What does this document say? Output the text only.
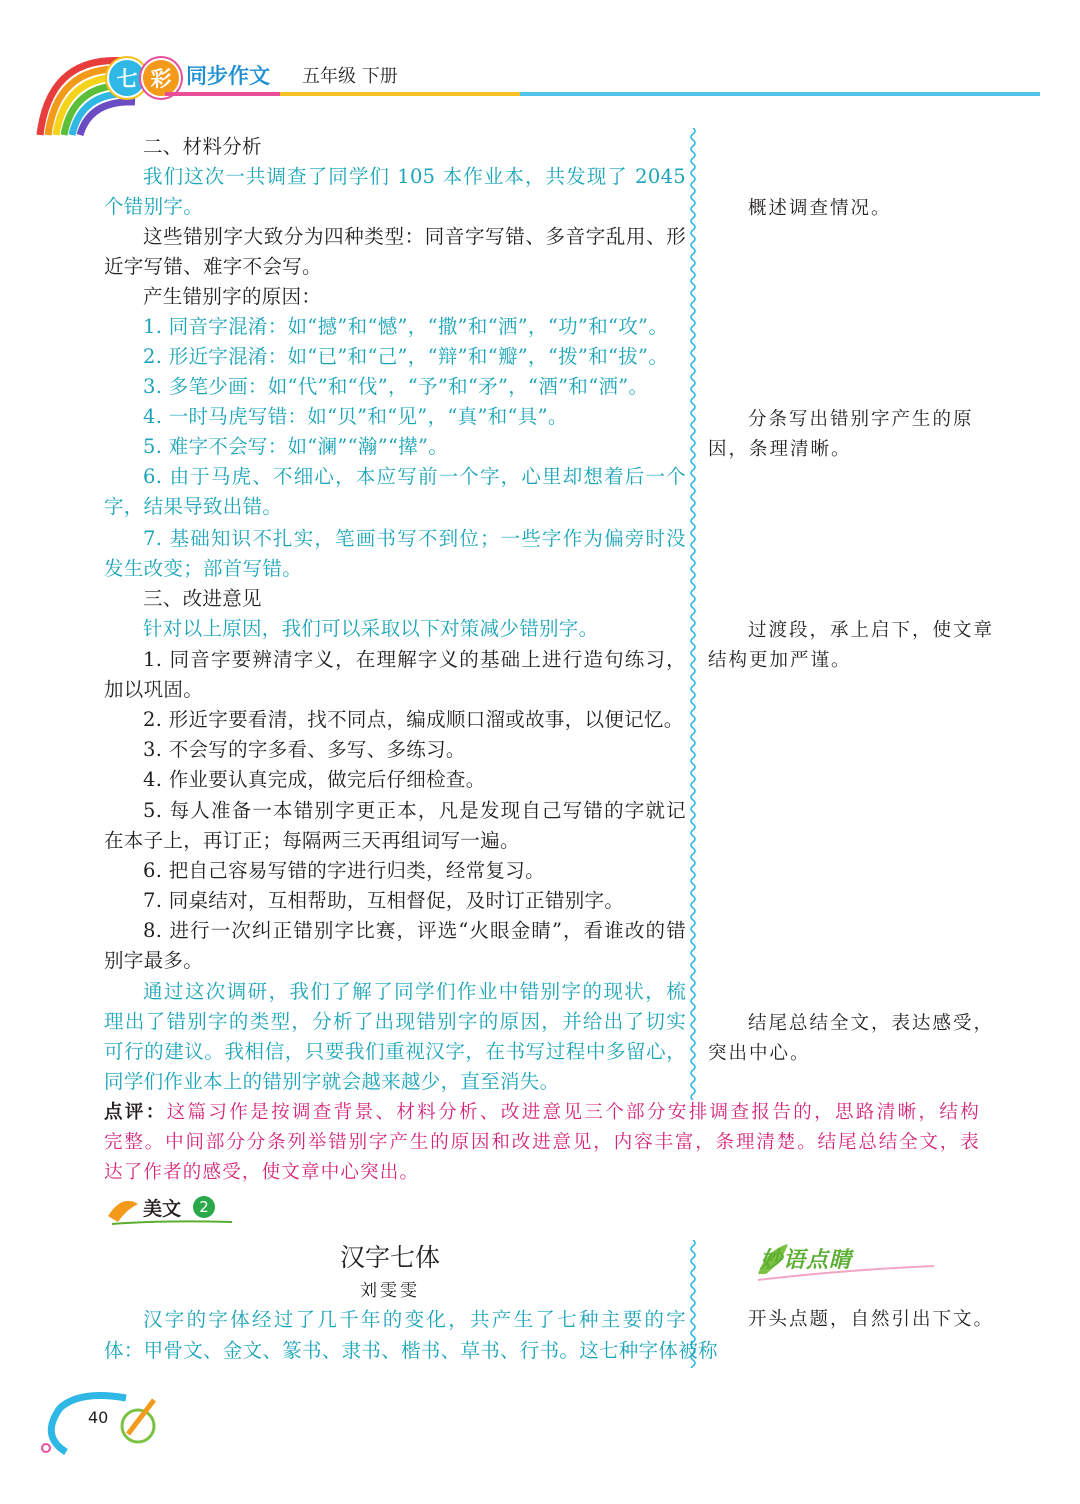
七 彩 同步作文 五年级 下册
二、材料分析
我们这次一共调查了同学们 105 本作业本，共发现了 2045
个错别字。
这些错别字大致分为四种类型：同音字写错、多音字乱用、形
近字写错、难字不会写。
产生错别字的原因：
1. 同音字混淆：如“撼”和“憾”，“撒”和“洒”，“功”和“攻”。
2. 形近字混淆：如“已”和“己”，“辩”和“瓣”，“拨”和“拔”。
3. 多笔少画：如“代”和“伐”，“予”和“矛”，“酒”和“洒”。
4. 一时马虎写错：如“贝”和“见”，“真”和“具”。
5. 难字不会写：如“澜”“瀚”“撵”。
6. 由于马虎、不细心，本应写前一个字，心里却想着后一个
字，结果导致出错。
7. 基础知识不扎实，笔画书写不到位；一些字作为偏旁时没
发生改变；部首写错。
三、改进意见
针对以上原因，我们可以采取以下对策减少错别字。
1. 同音字要辨清字义，在理解字义的基础上进行造句练习，
加以巩固。
2. 形近字要看清，找不同点，编成顺口溜或故事，以便记忆。
3. 不会写的字多看、多写、多练习。
4. 作业要认真完成，做完后仔细检查。
5. 每人准备一本错别字更正本，凡是发现自己写错的字就记
在本子上，再订正；每隔两三天再组词写一遍。
6. 把自己容易写错的字进行归类，经常复习。
7. 同桌结对，互相帮助，互相督促，及时订正错别字。
8. 进行一次纠正错别字比赛，评选“火眼金睛”，看谁改的错
别字最多。
通过这次调研，我们了解了同学们作业中错别字的现状，梳
理出了错别字的类型，分析了出现错别字的原因，并给出了切实
可行的建议。我相信，只要我们重视汉字，在书写过程中多留心，
同学们作业本上的错别字就会越来越少，直至消失。
概述调查情况。
分条写出错别字产生的原
因，条理清晰。
过渡段，承上启下，使文章
结构更加严谨。
结尾总结全文，表达感受，
突出中心。
点评：这篇习作是按调查背景、材料分析、改进意见三个部分安排调查报告的，思路清晰，结构
完整。中间部分分条列举错别字产生的原因和改进意见，内容丰富，条理清楚。结尾总结全文，表
达了作者的感受，使文章中心突出。
美文	2
汉字七体
刘雯雯
汉字的字体经过了几千年的变化，共产生了七种主要的字
体：甲骨文、金文、篆书、隶书、楷书、草书、行书。这七种字体被称
妙语点睛
开头点题，自然引出下文。
40
